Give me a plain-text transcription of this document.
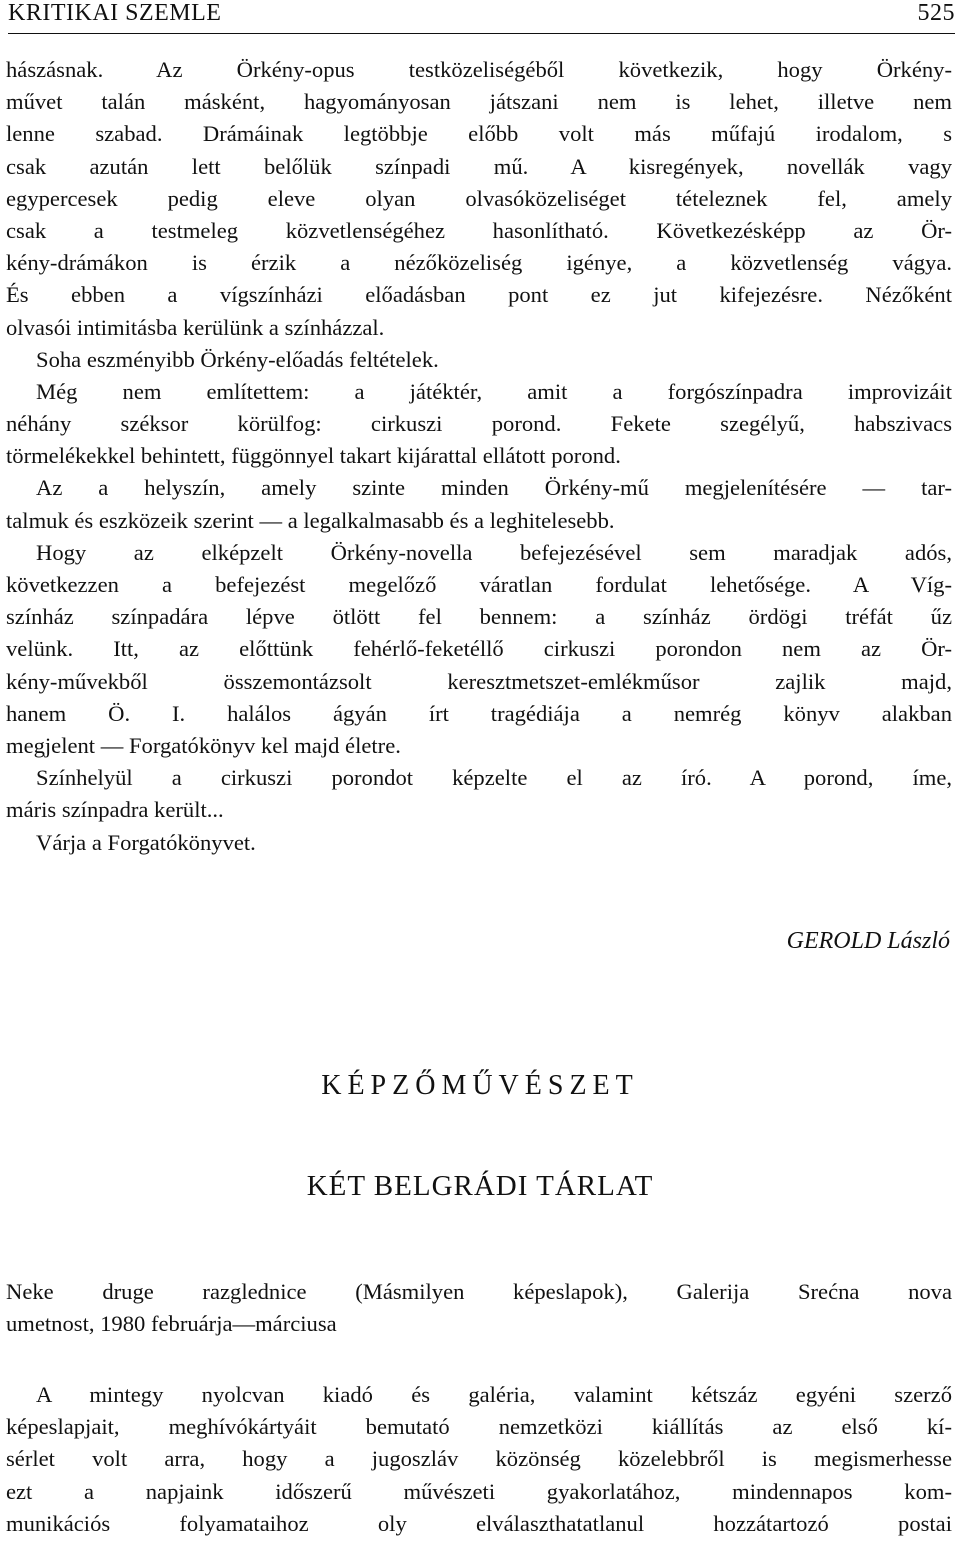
KRITIKAI SZEMLE	525
hászásnak. Az Örkény-opus testközeliségéből következik, hogy Örkény-
művet talán másként, hagyományosan játszani nem is lehet, illetve nem
lenne szabad. Drámáinak legtöbbje előbb volt más műfajú irodalom, s
csak azután lett belőlük színpadi mű. A kisregények, novellák vagy
egypercesek pedig eleve olyan olvasóközeliséget tételeznek fel, amely
csak a testmeleg közvetlenségéhez hasonlítható. Következésképp az Ör-
kény-drámákon is érzik a nézőközeliség igénye, a közvetlenség vágya.
És ebben a vígszínházi előadásban pont ez jut kifejezésre. Nézőként
olvasói intimitásba kerülünk a színházzal.
Soha eszményibb Örkény-előadás feltételek.
Még nem említettem: a játéktér, amit a forgószínpadra improvizáit
néhány széksor körülfog: cirkuszi porond. Fekete szegélyű, habszivacs
törmelékekkel behintett, függönnyel takart kijárattal ellátott porond.
Az a helyszín, amely szinte minden Örkény-mű megjelenítésére — tar-
talmuk és eszközeik szerint — a legalkalmasabb és a leghitelesebb.
Hogy az elképzelt Örkény-novella befejezésével sem maradjak adós,
következzen a befejezést megelőző váratlan fordulat lehetősége. A Víg-
színház színpadára lépve ötlött fel bennem: a színház ördögi tréfát űz
velünk. Itt, az előttünk fehérlő-feketéllő cirkuszi porondon nem az Ör-
kény-művekből összemontázsolt keresztmetszet-emlékműsor zajlik majd,
hanem Ö. I. halálos ágyán írt tragédiája a nemrég könyv alakban
megjelent — Forgatókönyv kel majd életre.
Színhelyül a cirkuszi porondot képzelte el az író. A porond, íme,
máris színpadra került...
Várja a Forgatókönyvet.
GEROLD László
KÉPZŐMŰVÉSZET
KÉT BELGRÁDI TÁRLAT
Neke druge razglednice (Másmilyen képeslapok), Galerija Srećna nova
umetnost, 1980 februárja—márciusa
A mintegy nyolcvan kiadó és galéria, valamint kétszáz egyéni szerző
képeslapjait, meghívókártyáit bemutató nemzetközi kiállítás az első kí-
sérlet volt arra, hogy a jugoszláv közönség közelebbről is megismerhesse
ezt a napjaink időszerű művészeti gyakorlatához, mindennapos kom-
munikációs folyamataihoz oly elválaszthatatlanul hozzátartozó postai
